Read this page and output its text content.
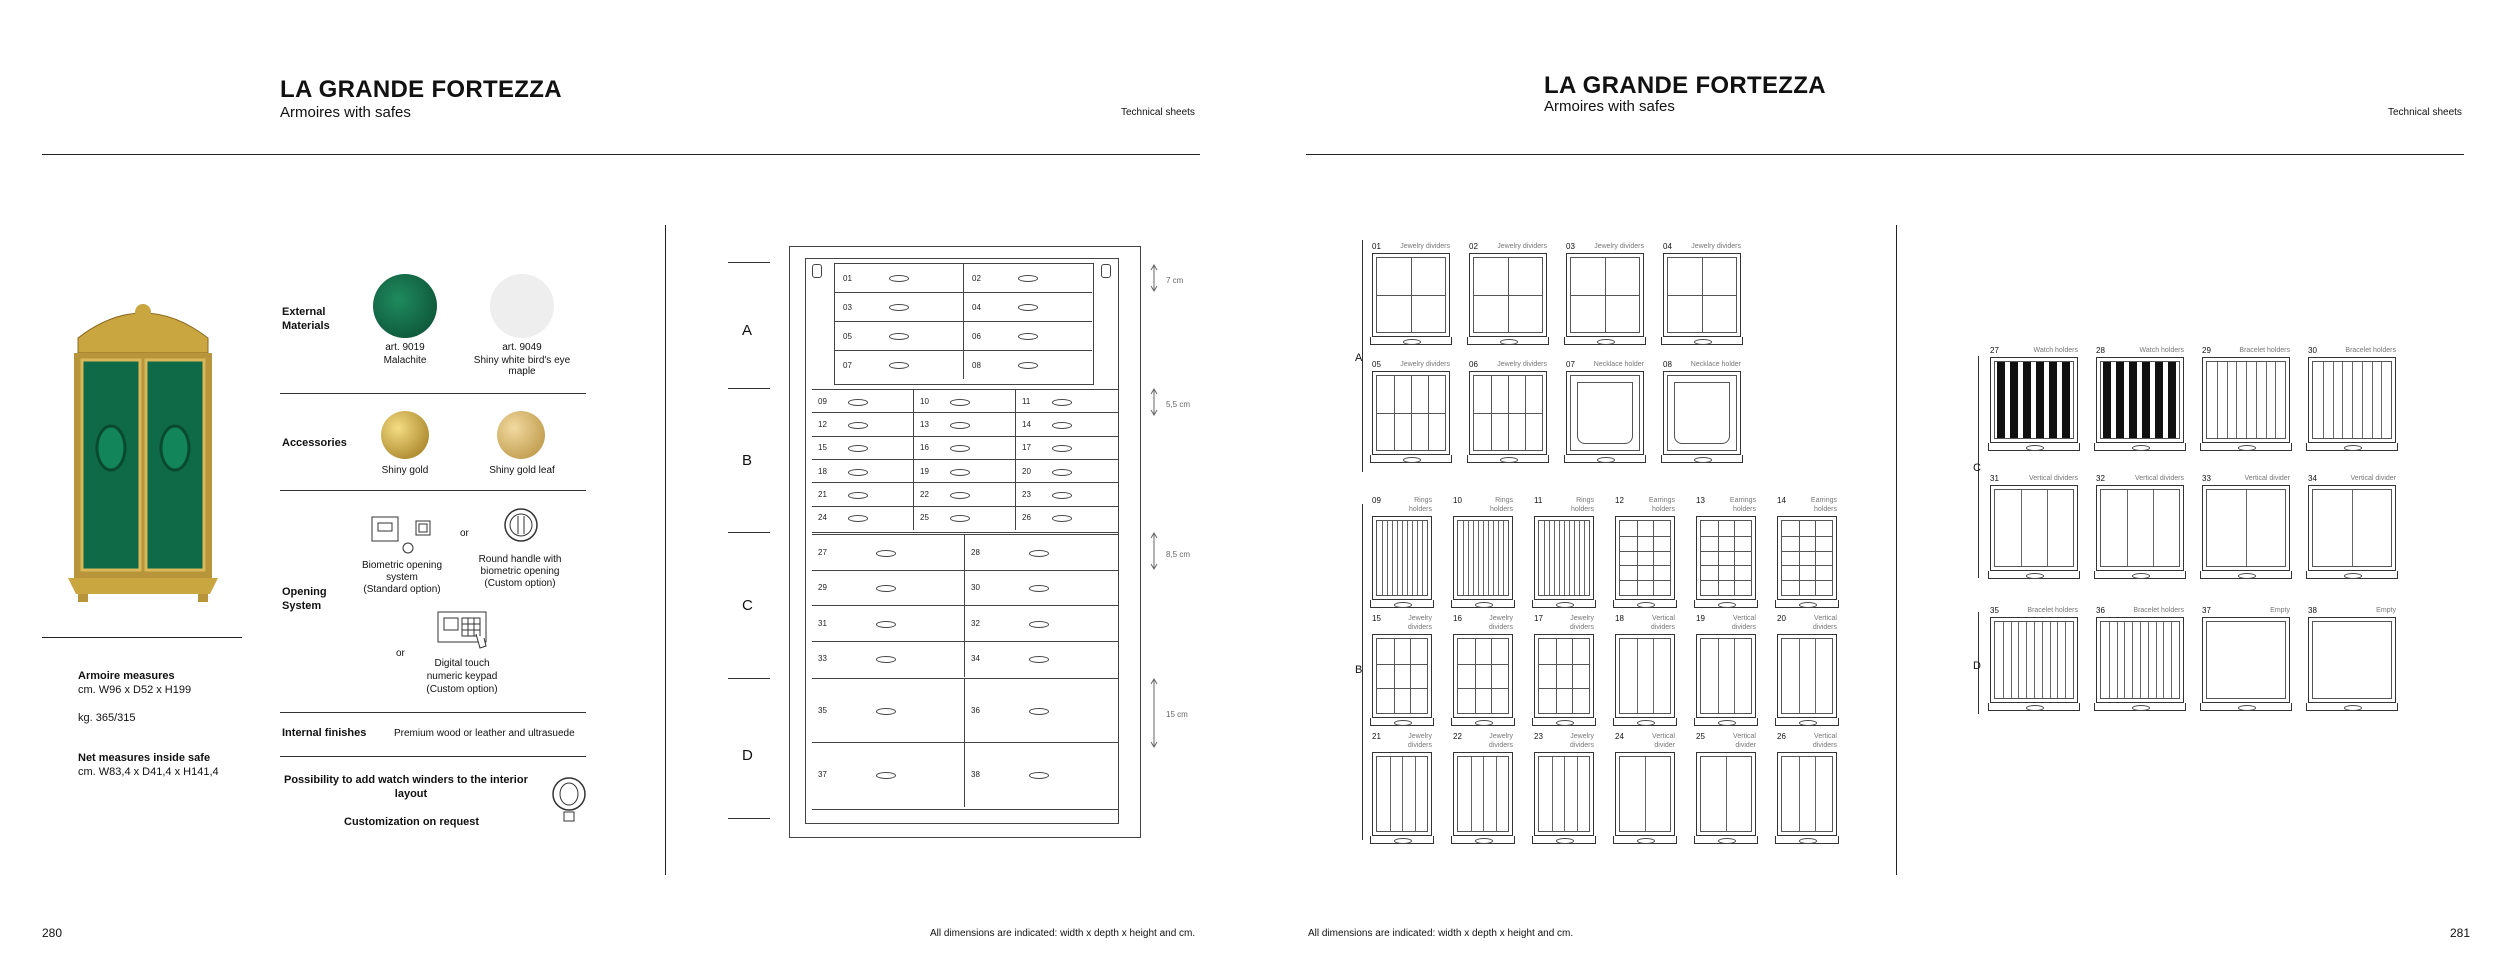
LA GRANDE FORTEZZA	LA GRANDE FORTEZZA
Armoires with safes	Armoires with safes
Technical sheets	Technical sheets
Armoire measures
cm. W96 x D52 x H199
kg. 365/315
Net measures inside safe
cm. W83,4 x D41,4 x H141,4
External
Materials
art. 9019
Malachite
art. 9049
Shiny white bird's eye maple
Accessories
Shiny gold	Shiny gold leaf
Opening
System
or
Biometric opening
system
(Standard option)
Round handle with
biometric opening
(Custom option)
or
Digital touch
numeric keypad
(Custom option)
Internal finishes	Premium wood or leather and ultrasuede
Possibility to add watch winders to the interior
layout
Customization on request
A
B
C
D
01	02
03	04
05	06
07	08
09	10	11
12	13	14
15	16	17
18	19	20
21	22	23
24	25	26
27	28
29	30
31	32
33	34
35	36
37	38
7 cm
5,5 cm
8,5 cm
15 cm
280	All dimensions are indicated: width x depth x height and cm.	All dimensions are indicated: width x depth x height and cm.	281
A
B
C
D
01	Jewelry dividers 02	Jewelry dividers 03	Jewelry dividers 04	Jewelry dividers
05	Jewelry dividers 06	Jewelry dividers 07	Necklace holder 08	Necklace holder
09	Rings
holders
10	Rings
holders
11	Rings
holders
12	Earrings
holders
13	Earrings
holders
14	Earrings
holders
15	Jewelry
dividers
16	Jewelry
dividers
17	Jewelry
dividers
18	Vertical
dividers
19	Vertical
dividers
20	Vertical
dividers
21	Jewelry
dividers
22	Jewelry
dividers
23	Jewelry
dividers
24	Vertical
divider
25	Vertical
divider
26	Vertical
dividers
27	Watch holders 28	Watch holders 29	Bracelet holders 30	Bracelet holders
31	Vertical dividers 32	Vertical dividers 33	Vertical divider 34	Vertical divider
35	Bracelet holders 36	Bracelet holders 37	Empty 38	Empty
